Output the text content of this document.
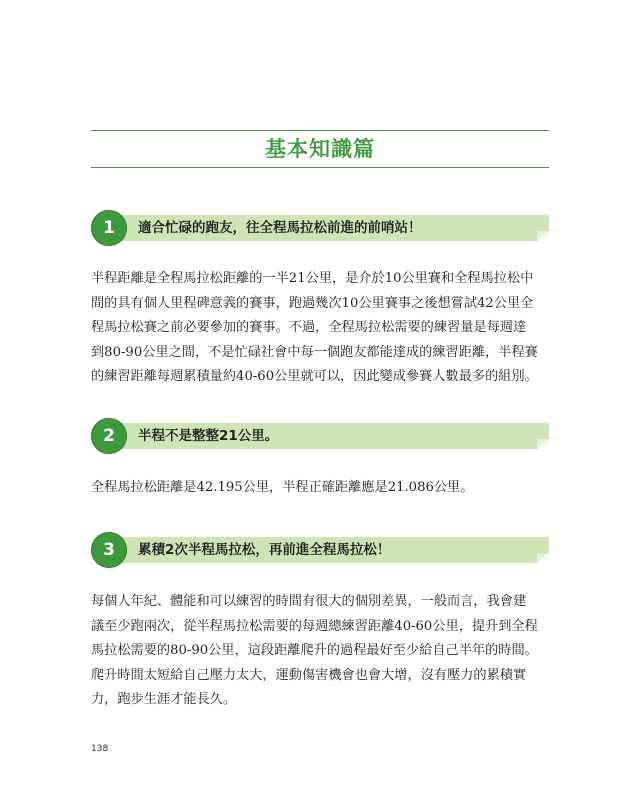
基本知識篇
1	適合忙碌的跑友，往全程馬拉松前進的前哨站！
半程距離是全程馬拉松距離的一半21公里，是介於10公里賽和全程馬拉松中
間的具有個人里程碑意義的賽事，跑過幾次10公里賽事之後想嘗試42公里全
程馬拉松賽之前必要參加的賽事。不過，全程馬拉松需要的練習量是每週達
到80-90公里之間，不是忙碌社會中每一個跑友都能達成的練習距離，半程賽
的練習距離每週累積量約40-60公里就可以，因此變成參賽人數最多的組別。
2	半程不是整整21公里。
全程馬拉松距離是42.195公里，半程正確距離應是21.086公里。
3	累積2次半程馬拉松，再前進全程馬拉松！
每個人年紀、體能和可以練習的時間有很大的個別差異，一般而言，我會建
議至少跑兩次，從半程馬拉松需要的每週總練習距離40-60公里，提升到全程
馬拉松需要的80-90公里，這段距離爬升的過程最好至少給自己半年的時間。
爬升時間太短給自己壓力太大，運動傷害機會也會大增，沒有壓力的累積實
力，跑步生涯才能長久。
138
